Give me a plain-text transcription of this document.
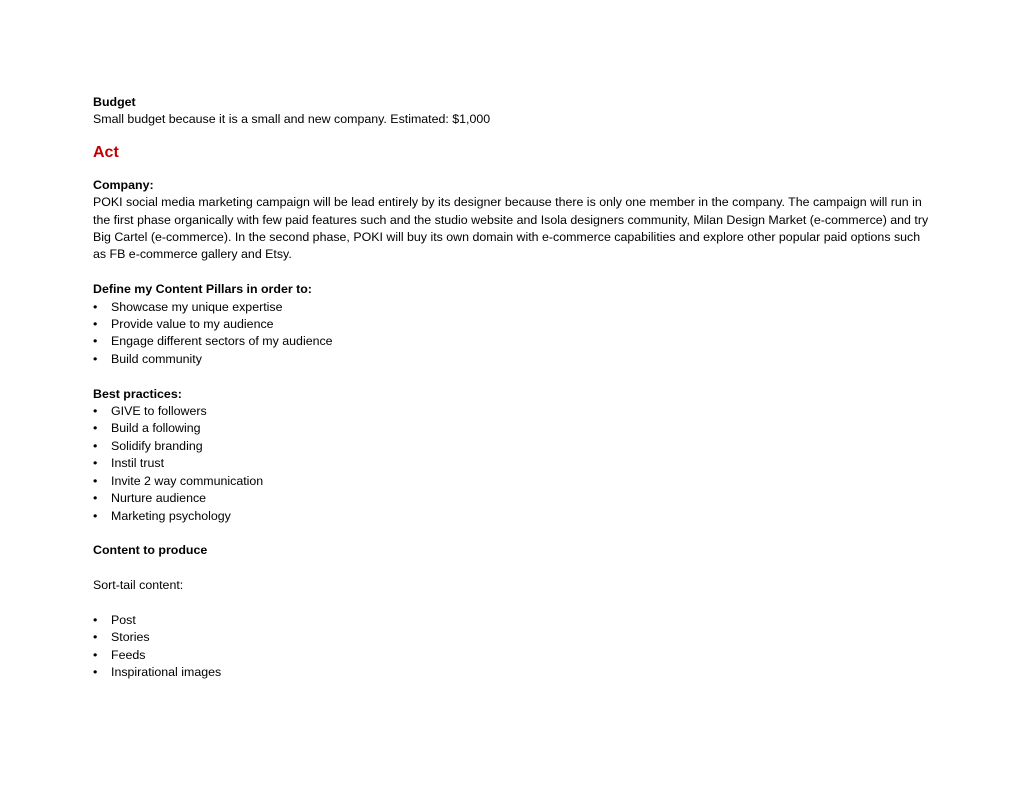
Budget
Small budget because it is a small and new company. Estimated: $1,000
Act
Company:
POKI social media marketing campaign will be lead entirely by its designer because there is only one member in the company. The campaign will run in the first phase organically with few paid features such and the studio website and Isola designers community, Milan Design Market (e-commerce) and try Big Cartel (e-commerce). In the second phase, POKI will buy its own domain with e-commerce capabilities and explore other popular paid options such as FB e-commerce gallery and Etsy.
Define my Content Pillars in order to:
•	Showcase my unique expertise
•	Provide value to my audience
•	Engage different sectors of my audience
•	Build community
Best practices:
•	GIVE to followers
•	Build a following
•	Solidify branding
•	Instil trust
•	Invite 2 way communication
•	Nurture audience
•	Marketing psychology
Content to produce
Sort-tail content:
•	Post
•	Stories
•	Feeds
•	Inspirational images
